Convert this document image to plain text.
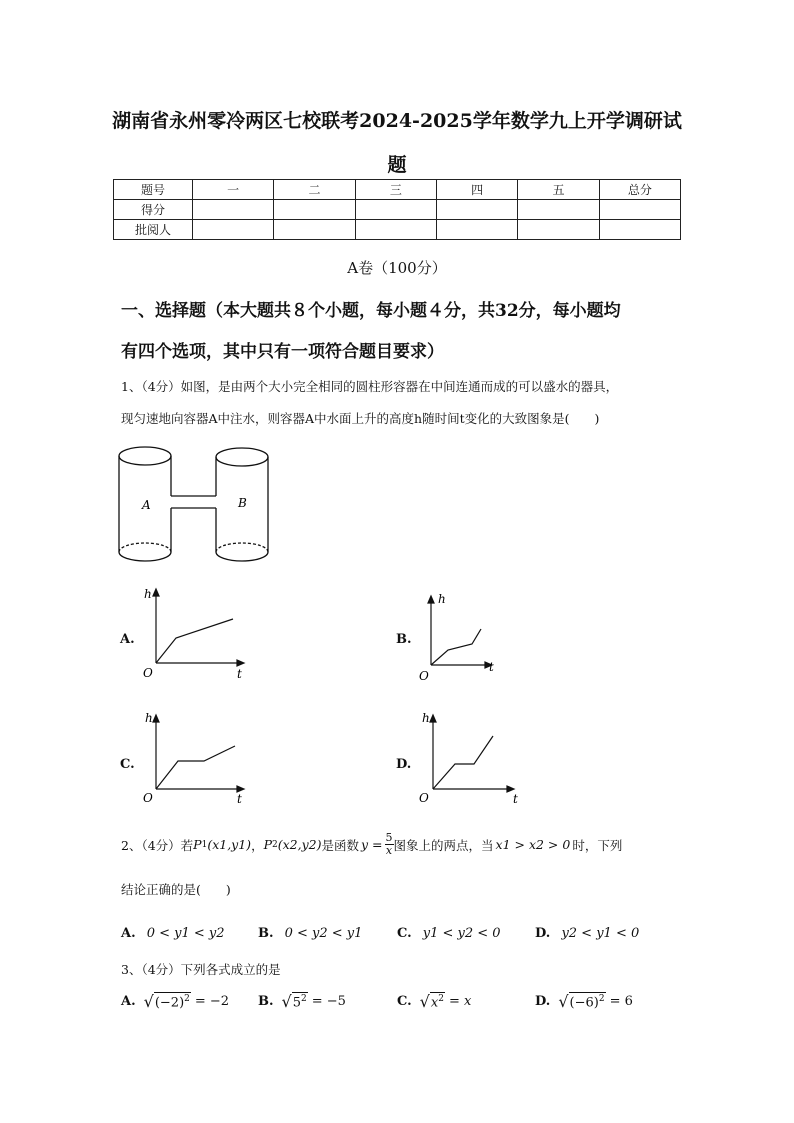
湖南省永州零冷两区七校联考2024-2025学年数学九上开学调研试
题
题号	一	二	三	四	五	总分
得分						
批阅人						
A卷（100分）
一、选择题（本大题共８个小题，每小题４分，共32分，每小题均
有四个选项，其中只有一项符合题目要求）
1、（4分）如图，是由两个大小完全相同的圆柱形容器在中间连通而成的可以盛水的器具，
现匀速地向容器A中注水，则容器A中水面上升的高度h随时间t变化的大致图象是(　　)
A	B
A.
h
t
O
B.
h
t
O
C.
h
t
O
D.
h
t
O
2、（4分）若 P 1 (x1,y1) ， P 2 (x2,y2) 是函数 $y = \frac{5}{x}$ 图象上的两点，当 x1 > x2 > 0 时，下列
结论正确的是(　　)
A. 0 < y1 < y2	B. 0 < y2 < y1	C. y1 < y2 < 0	D. y2 < y1 < 0
3、（4分）下列各式成立的是
A. √ $(-2)^2 = -2$ B. √ $5^2 = -5$	C. √ $x^2 = x$	D. √ $(-6)^2 = 6$
